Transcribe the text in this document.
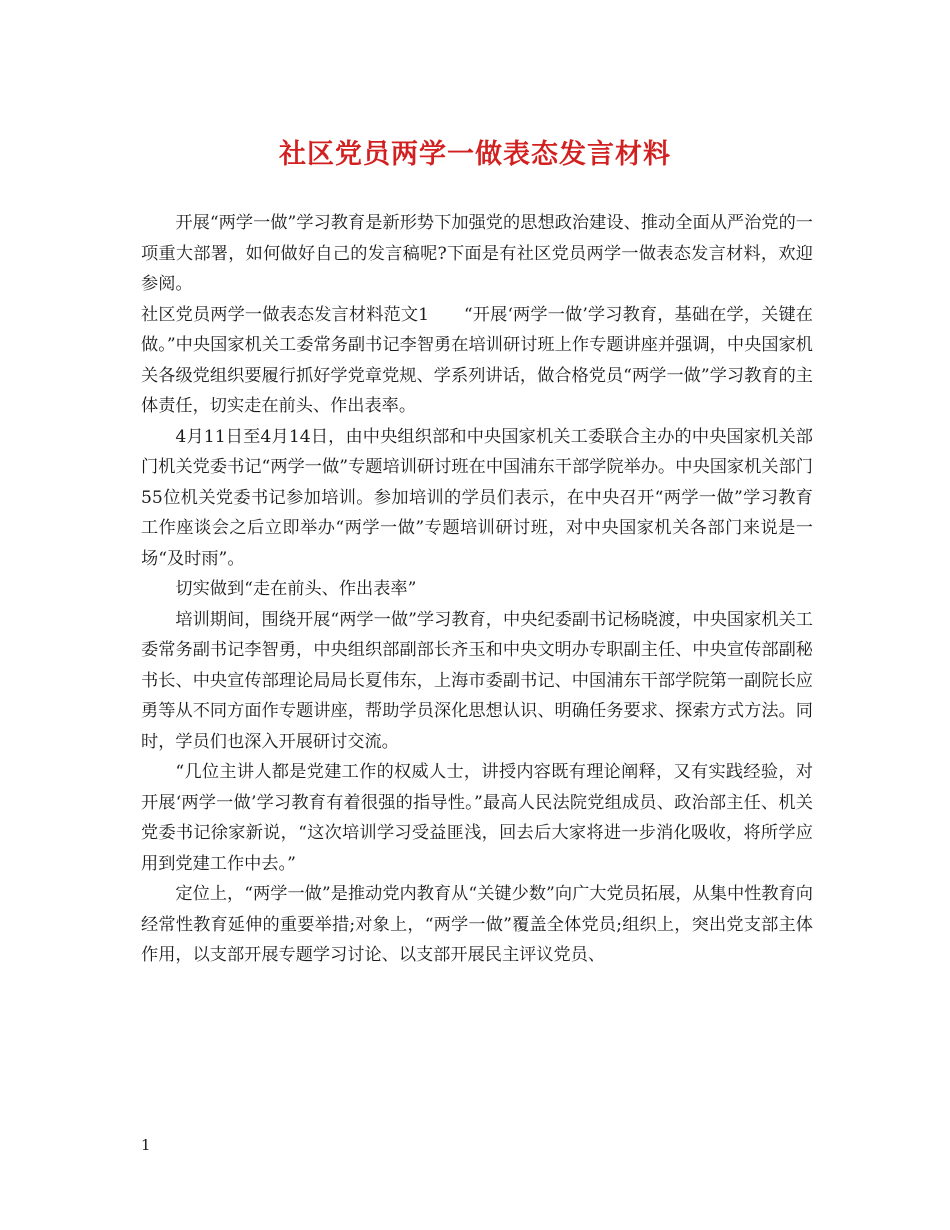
社区党员两学一做表态发言材料

开展“两学一做”学习教育是新形势下加强党的思想政治建设、推动全面从严治党的一项重大部署，如何做好自己的发言稿呢?下面是有社区党员两学一做表态发言材料，欢迎参阅。

社区党员两学一做表态发言材料范文1　　“开展‘两学一做’学习教育，基础在学，关键在做。”中央国家机关工委常务副书记李智勇在培训研讨班上作专题讲座并强调，中央国家机关各级党组织要履行抓好学党章党规、学系列讲话，做合格党员“两学一做”学习教育的主体责任，切实走在前头、作出表率。

4月11日至4月14日，由中央组织部和中央国家机关工委联合主办的中央国家机关部门机关党委书记“两学一做”专题培训研讨班在中国浦东干部学院举办。中央国家机关部门55位机关党委书记参加培训。参加培训的学员们表示，在中央召开“两学一做”学习教育工作座谈会之后立即举办“两学一做”专题培训研讨班，对中央国家机关各部门来说是一场“及时雨”。

切实做到“走在前头、作出表率”

培训期间，围绕开展“两学一做”学习教育，中央纪委副书记杨晓渡，中央国家机关工委常务副书记李智勇，中央组织部副部长齐玉和中央文明办专职副主任、中央宣传部副秘书长、中央宣传部理论局局长夏伟东，上海市委副书记、中国浦东干部学院第一副院长应勇等从不同方面作专题讲座，帮助学员深化思想认识、明确任务要求、探索方式方法。同时，学员们也深入开展研讨交流。

“几位主讲人都是党建工作的权威人士，讲授内容既有理论阐释，又有实践经验，对开展‘两学一做’学习教育有着很强的指导性。”最高人民法院党组成员、政治部主任、机关党委书记徐家新说，“这次培训学习受益匪浅，回去后大家将进一步消化吸收，将所学应用到党建工作中去。”

定位上，“两学一做”是推动党内教育从“关键少数”向广大党员拓展，从集中性教育向经常性教育延伸的重要举措;对象上，“两学一做”覆盖全体党员;组织上，突出党支部主体作用，以支部开展专题学习讨论、以支部开展民主评议党员、

1
